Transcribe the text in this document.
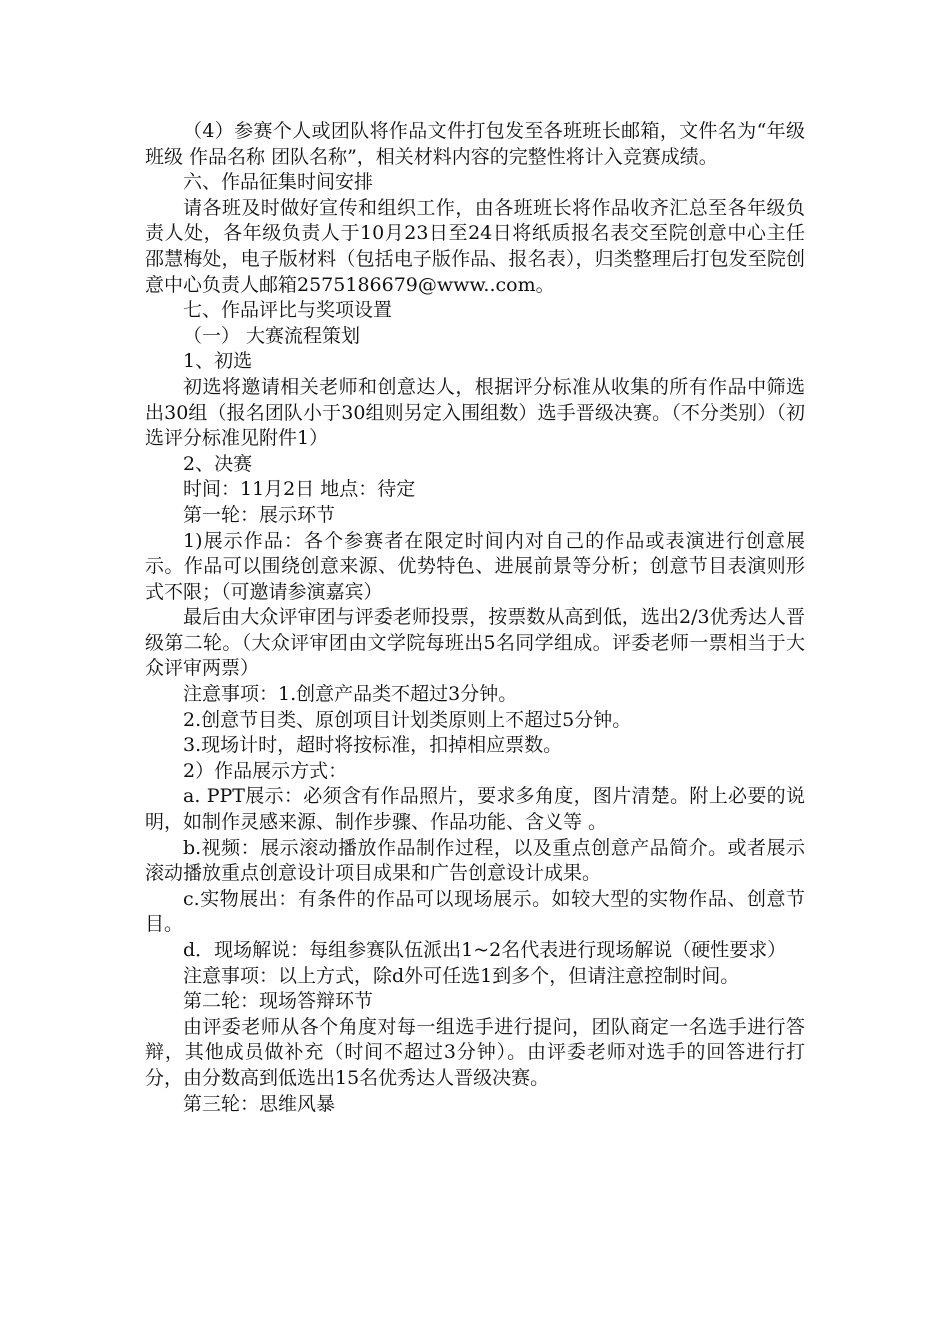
（4）参赛个人或团队将作品文件打包发至各班班长邮箱，文件名为“年级 班级 作品名称 团队名称”，相关材料内容的完整性将计入竞赛成绩。

六、作品征集时间安排

请各班及时做好宣传和组织工作，由各班班长将作品收齐汇总至各年级负责人处，各年级负责人于10月23日至24日将纸质报名表交至院创意中心主任邵慧梅处，电子版材料（包括电子版作品、报名表），归类整理后打包发至院创意中心负责人邮箱2575186679@www..com。

七、作品评比与奖项设置

（一） 大赛流程策划

1、初选

初选将邀请相关老师和创意达人，根据评分标准从收集的所有作品中筛选出30组（报名团队小于30组则另定入围组数）选手晋级决赛。（不分类别）（初选评分标准见附件1）

2、决赛

时间：11月2日 地点：待定

第一轮：展示环节

1)展示作品：各个参赛者在限定时间内对自己的作品或表演进行创意展示。作品可以围绕创意来源、优势特色、进展前景等分析；创意节目表演则形式不限；（可邀请参演嘉宾）

最后由大众评审团与评委老师投票，按票数从高到低，选出2/3优秀达人晋级第二轮。（大众评审团由文学院每班出5名同学组成。评委老师一票相当于大众评审两票）

注意事项：1.创意产品类不超过3分钟。

2.创意节目类、原创项目计划类原则上不超过5分钟。

3.现场计时，超时将按标准，扣掉相应票数。

2）作品展示方式：

a. PPT展示：必须含有作品照片，要求多角度，图片清楚。附上必要的说明，如制作灵感来源、制作步骤、作品功能、含义等 。

b.视频：展示滚动播放作品制作过程，以及重点创意产品简介。或者展示滚动播放重点创意设计项目成果和广告创意设计成果。

c.实物展出：有条件的作品可以现场展示。如较大型的实物作品、创意节目。

d．现场解说：每组参赛队伍派出1~2名代表进行现场解说（硬性要求）

注意事项：以上方式，除d外可任选1到多个，但请注意控制时间。

第二轮：现场答辩环节

由评委老师从各个角度对每一组选手进行提问，团队商定一名选手进行答辩，其他成员做补充（时间不超过3分钟）。由评委老师对选手的回答进行打分，由分数高到低选出15名优秀达人晋级决赛。

第三轮：思维风暴
